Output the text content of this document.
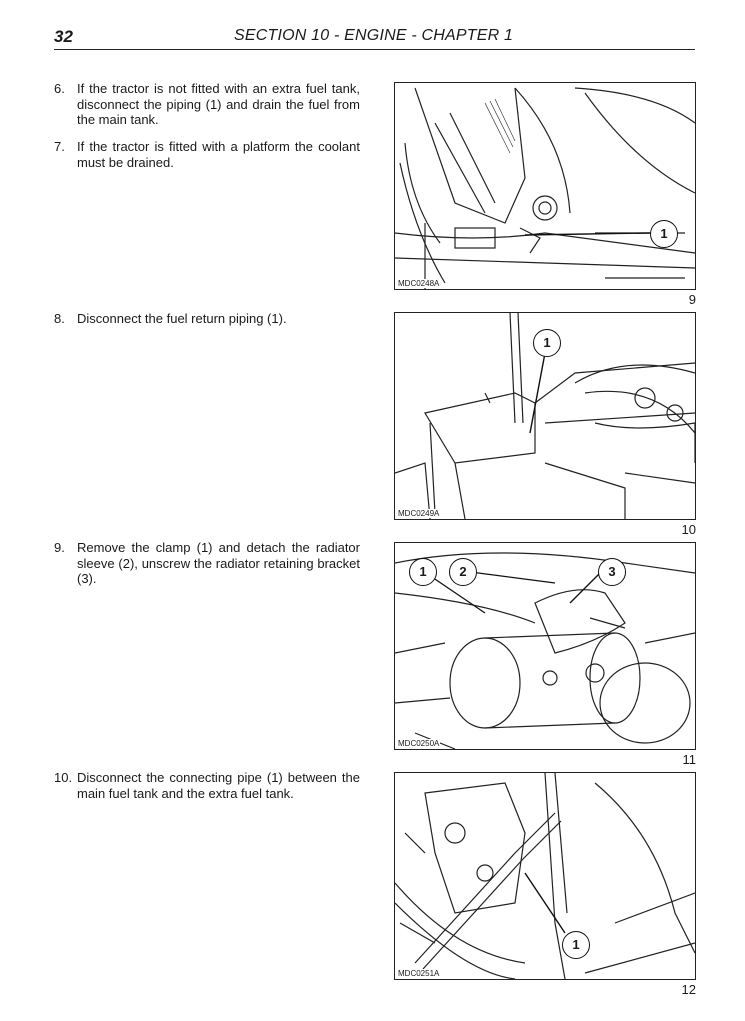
32	SECTION 10 - ENGINE - CHAPTER 1
6. If the tractor is not fitted with an extra fuel tank, disconnect the piping (1) and drain the fuel from the main tank.
7. If the tractor is fitted with a platform the coolant must be drained.
8. Disconnect the fuel return piping (1).
9. Remove the clamp (1) and detach the radiator sleeve (2), unscrew the radiator retaining bracket (3).
10. Disconnect the connecting pipe (1) between the main fuel tank and the extra fuel tank.
MDC0248A
1
9
MDC0249A
1
10
MDC0250A
1	2	3
11
MDC0251A
1
12
